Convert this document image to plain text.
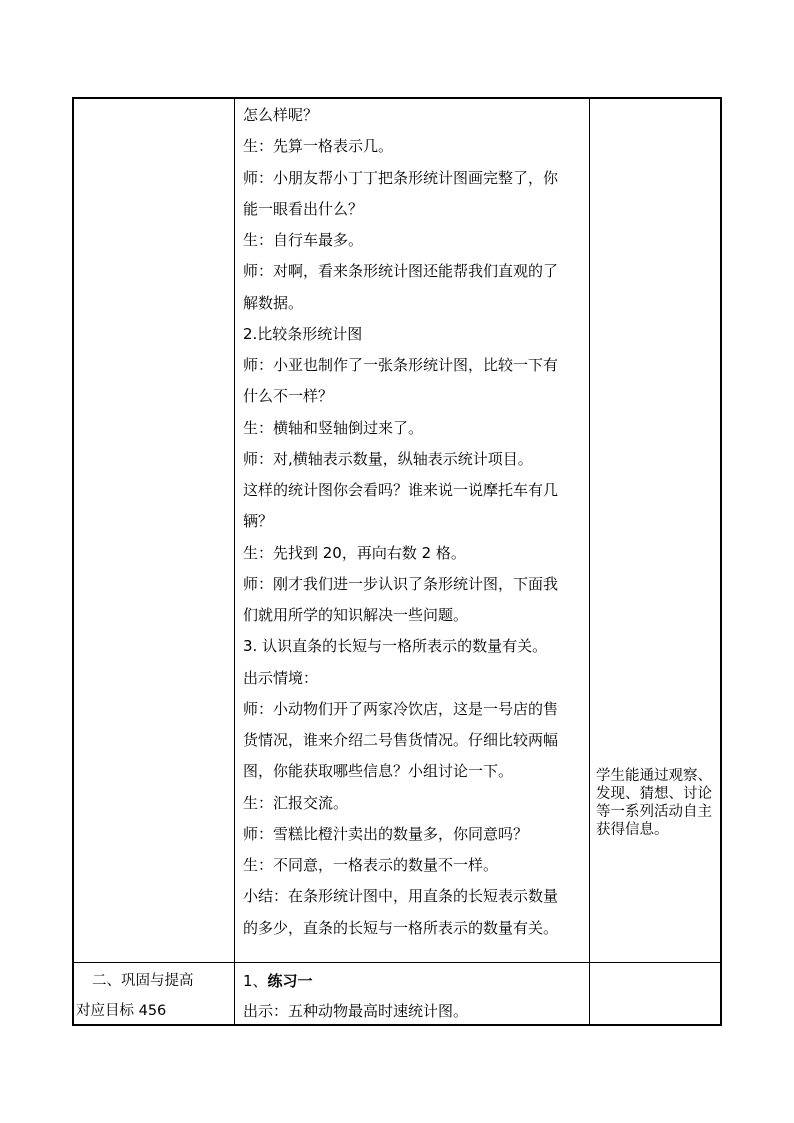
怎么样呢？
生：先算一格表示几。
师：小朋友帮小丁丁把条形统计图画完整了，你
能一眼看出什么？
生：自行车最多。
师：对啊，看来条形统计图还能帮我们直观的了
解数据。
2.比较条形统计图
师：小亚也制作了一张条形统计图，比较一下有
什么不一样？
生：横轴和竖轴倒过来了。
师：对,横轴表示数量，纵轴表示统计项目。
这样的统计图你会看吗？谁来说一说摩托车有几
辆？
生：先找到 20，再向右数 2 格。
师：刚才我们进一步认识了条形统计图，下面我
们就用所学的知识解决一些问题。
3. 认识直条的长短与一格所表示的数量有关。
出示情境：
师：小动物们开了两家冷饮店，这是一号店的售
货情况，谁来介绍二号售货情况。仔细比较两幅
图，你能获取哪些信息？小组讨论一下。
生：汇报交流。
师：雪糕比橙汁卖出的数量多，你同意吗？
生：不同意，一格表示的数量不一样。
小结：在条形统计图中，用直条的长短表示数量
的多少，直条的长短与一格所表示的数量有关。
学生能通过观察、发现、猜想、讨论等一系列活动自主获得信息。
二、巩固与提高
对应目标 456
1、练习一
出示：五种动物最高时速统计图。
